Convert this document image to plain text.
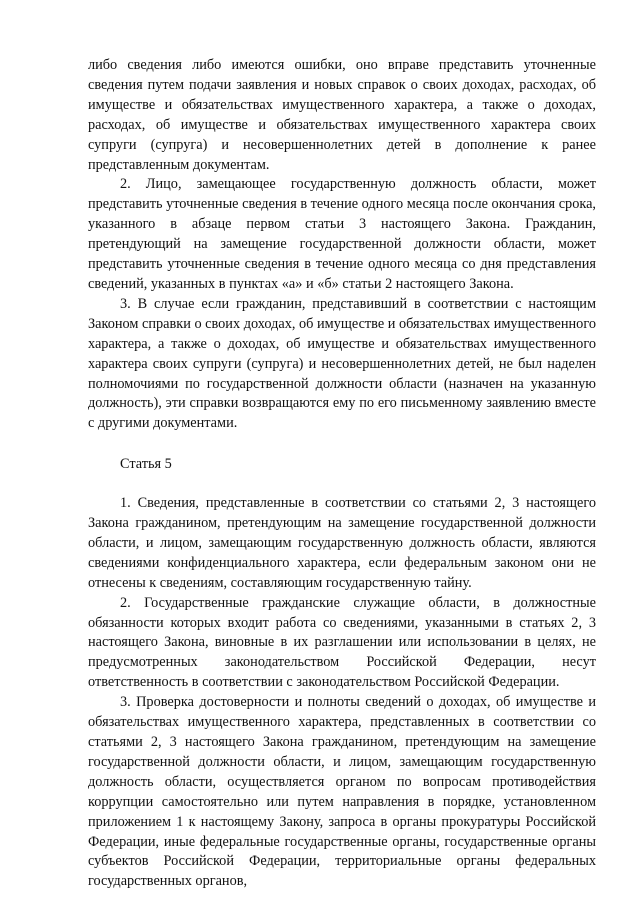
либо сведения либо имеются ошибки, оно вправе представить уточненные сведения путем подачи заявления и новых справок о своих доходах, расходах, об имуществе и обязательствах имущественного характера, а также о доходах, расходах, об имуществе и обязательствах имущественного характера своих супруги (супруга) и несовершеннолетних детей в дополнение к ранее представленным документам.

2. Лицо, замещающее государственную должность области, может представить уточненные сведения в течение одного месяца после окончания срока, указанного в абзаце первом статьи 3 настоящего Закона. Гражданин, претендующий на замещение государственной должности области, может представить уточненные сведения в течение одного месяца со дня представления сведений, указанных в пунктах «а» и «б» статьи 2 настоящего Закона.

3. В случае если гражданин, представивший в соответствии с настоящим Законом справки о своих доходах, об имуществе и обязательствах имущественного характера, а также о доходах, об имуществе и обязательствах имущественного характера своих супруги (супруга) и несовершеннолетних детей, не был наделен полномочиями по государственной должности области (назначен на указанную должность), эти справки возвращаются ему по его письменному заявлению вместе с другими документами.

Статья 5

1. Сведения, представленные в соответствии со статьями 2, 3 настоящего Закона гражданином, претендующим на замещение государственной должности области, и лицом, замещающим государственную должность области, являются сведениями конфиденциального характера, если федеральным законом они не отнесены к сведениям, составляющим государственную тайну.

2. Государственные гражданские служащие области, в должностные обязанности которых входит работа со сведениями, указанными в статьях 2, 3 настоящего Закона, виновные в их разглашении или использовании в целях, не предусмотренных законодательством Российской Федерации, несут ответственность в соответствии с законодательством Российской Федерации.

3. Проверка достоверности и полноты сведений о доходах, об имуществе и обязательствах имущественного характера, представленных в соответствии со статьями 2, 3 настоящего Закона гражданином, претендующим на замещение государственной должности области, и лицом, замещающим государственную должность области, осуществляется органом по вопросам противодействия коррупции самостоятельно или путем направления в порядке, установленном приложением 1 к настоящему Закону, запроса в органы прокуратуры Российской Федерации, иные федеральные государственные органы, государственные органы субъектов Российской Федерации, территориальные органы федеральных государственных органов,
